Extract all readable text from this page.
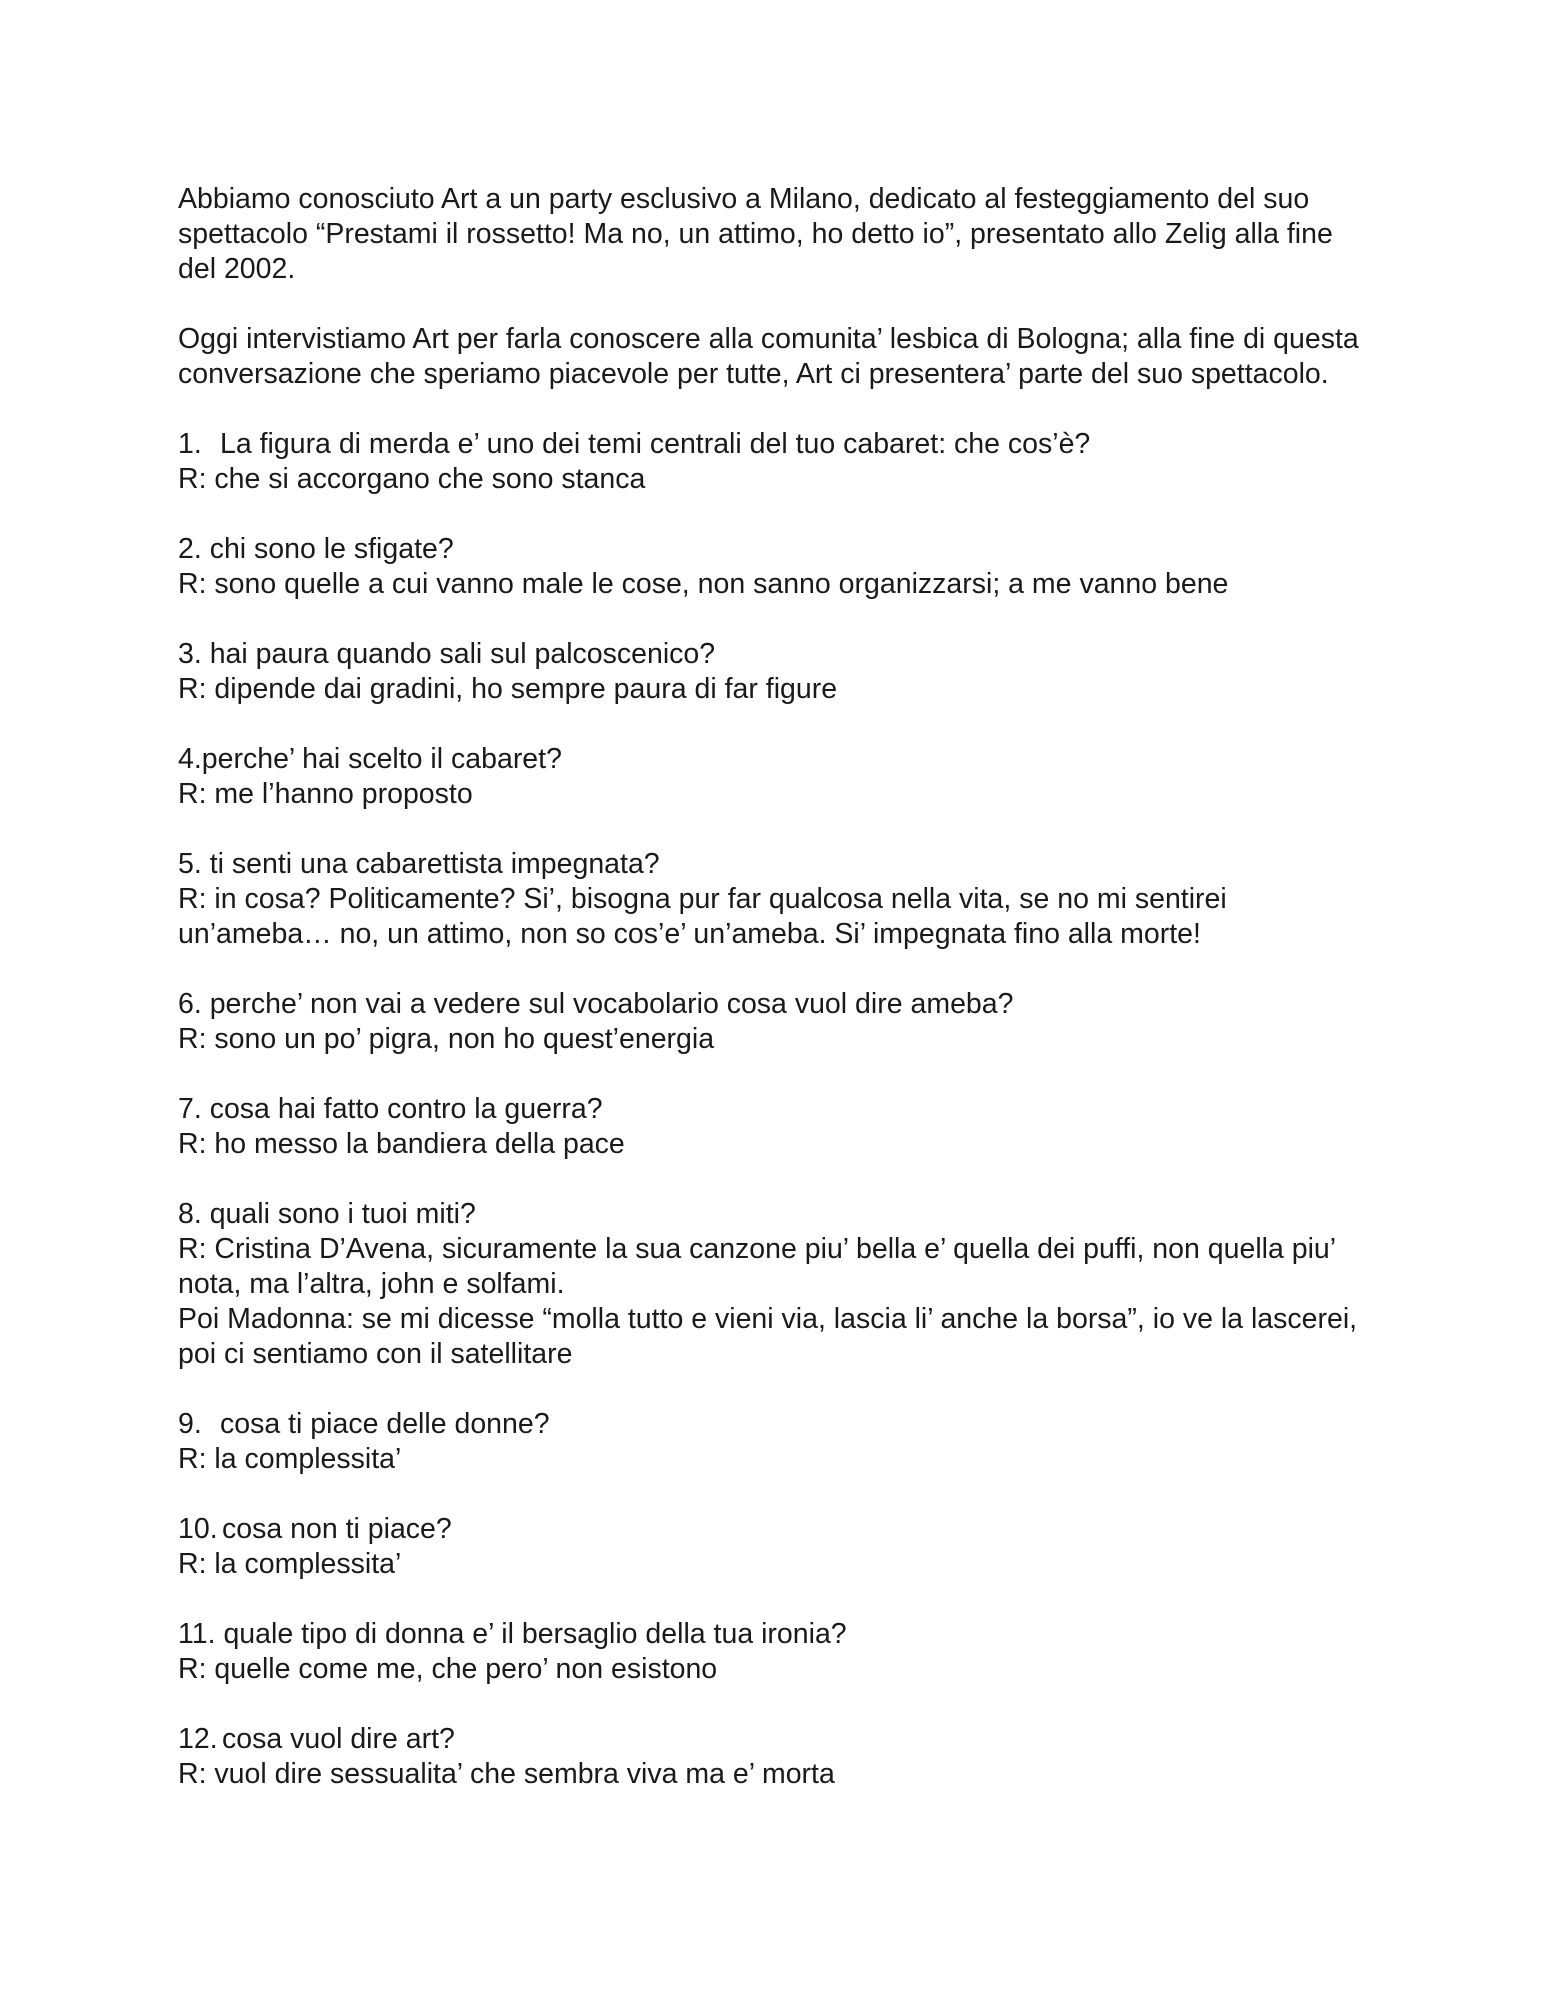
Abbiamo conosciuto Art a un party esclusivo a Milano, dedicato al festeggiamento del suo spettacolo “Prestami il rossetto! Ma no, un attimo, ho detto io”, presentato allo Zelig alla fine del 2002.

Oggi intervistiamo Art per farla conoscere alla comunita’ lesbica di Bologna; alla fine di questa conversazione che speriamo piacevole per tutte, Art ci presentera’ parte del suo spettacolo.

1. La figura di merda e’ uno dei temi centrali del tuo cabaret: che cos’è?
R: che si accorgano che sono stanca
2. chi sono le sfigate?
R: sono quelle a cui vanno male le cose, non sanno organizzarsi; a me vanno bene
3. hai paura quando sali sul palcoscenico?
R: dipende dai gradini, ho sempre paura di far figure
4.perche’ hai scelto il cabaret?
R: me l’hanno proposto
5. ti senti una cabarettista impegnata?
R: in cosa? Politicamente? Si’, bisogna pur far qualcosa nella vita, se no mi sentirei un’ameba… no, un attimo, non so cos’e’ un’ameba. Si’ impegnata fino alla morte!
6. perche’ non vai a vedere sul vocabolario cosa vuol dire ameba?
R: sono un po’ pigra, non ho quest’energia
7. cosa hai fatto contro la guerra?
R: ho messo la bandiera della pace
8. quali sono i tuoi miti?
R: Cristina D’Avena, sicuramente la sua canzone piu’ bella e’ quella dei puffi, non quella piu’ nota, ma l’altra, john e solfami.
Poi Madonna: se mi dicesse “molla tutto e vieni via, lascia li’ anche la borsa”, io ve la lascerei, poi ci sentiamo con il satellitare
9. cosa ti piace delle donne?
R: la complessita’
10. cosa non ti piace?
R: la complessita’
11. quale tipo di donna e’ il bersaglio della tua ironia?
R: quelle come me, che pero’ non esistono
12. cosa vuol dire art?
R: vuol dire sessualita’ che sembra viva ma e’ morta
